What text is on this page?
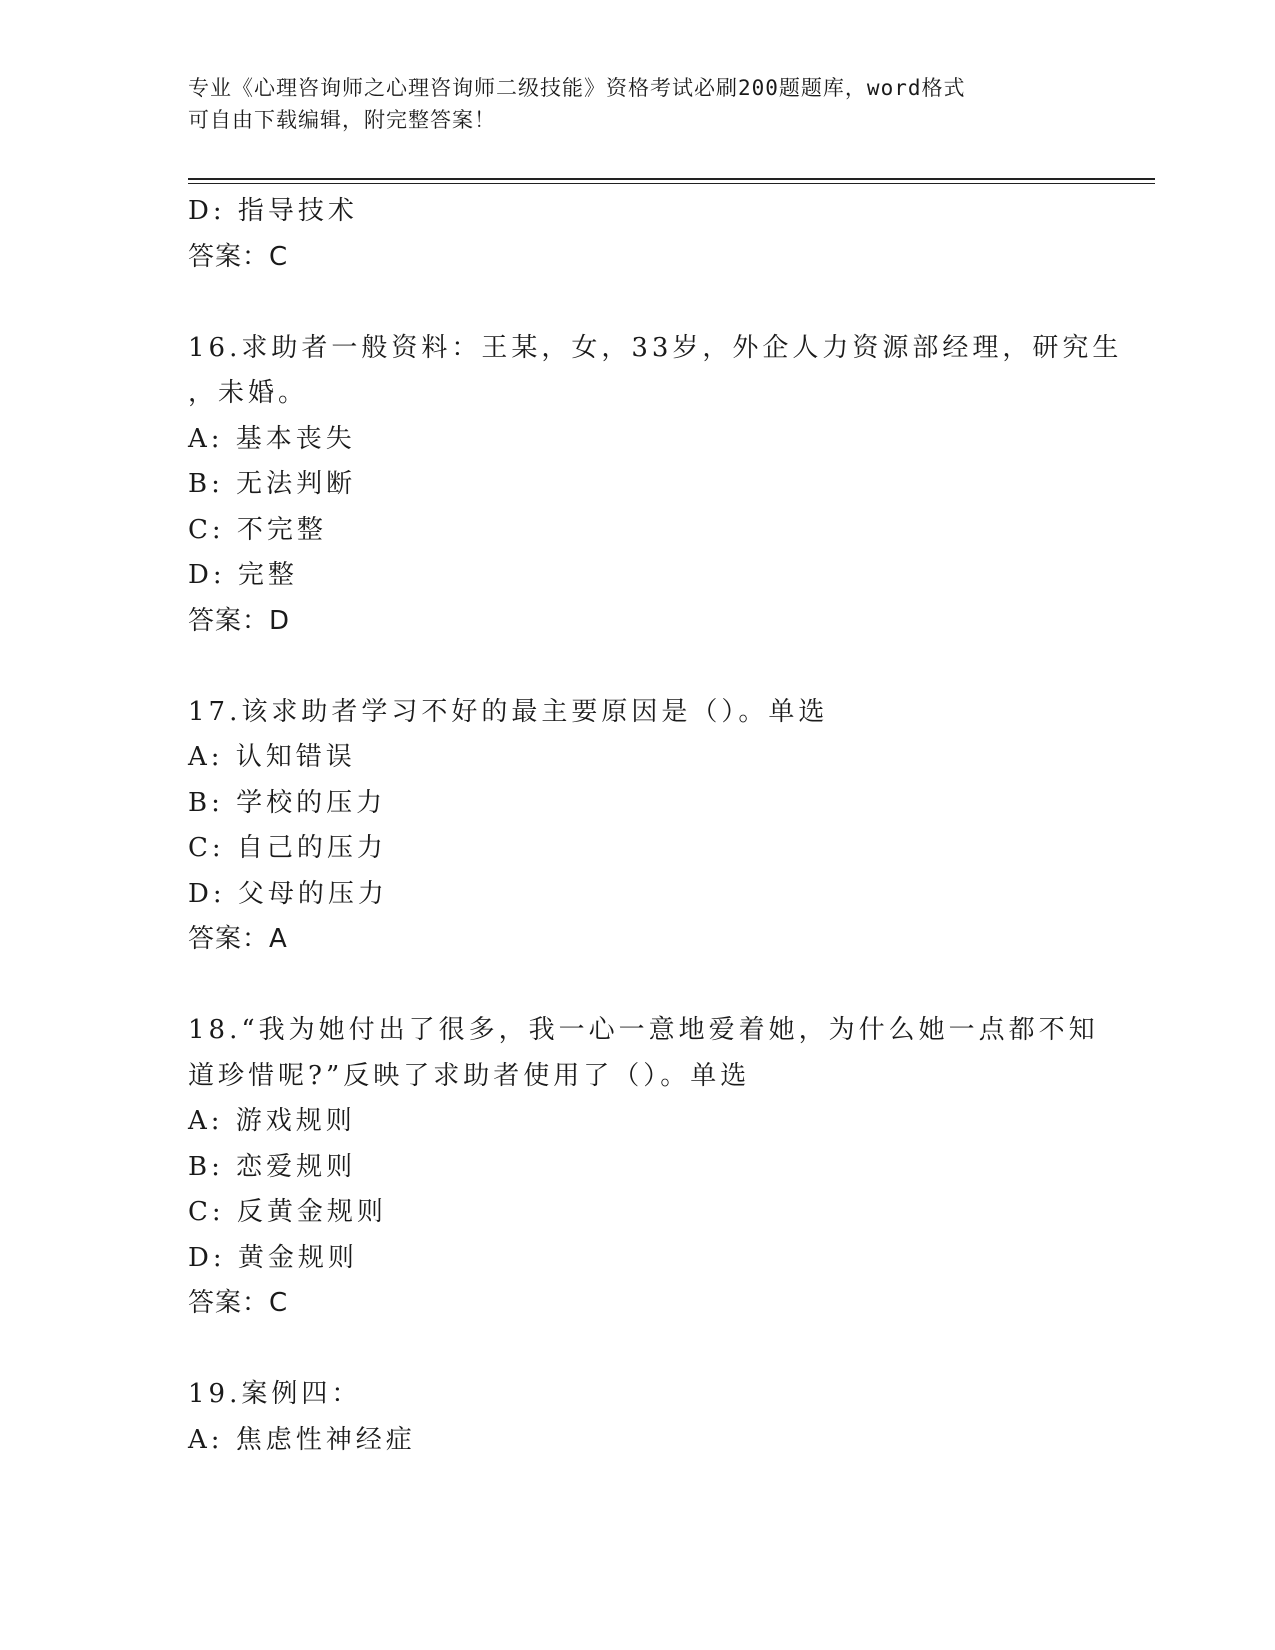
专业《心理咨询师之心理咨询师二级技能》资格考试必刷200题题库，word格式
可自由下载编辑，附完整答案！
D: 指导技术
答案：C
16.求助者一般资料：王某，女，33岁，外企人力资源部经理，研究生
，未婚。
A: 基本丧失
B: 无法判断
C: 不完整
D: 完整
答案：D
17.该求助者学习不好的最主要原因是（）。单选
A: 认知错误
B: 学校的压力
C: 自己的压力
D: 父母的压力
答案：A
18.“我为她付出了很多，我一心一意地爱着她，为什么她一点都不知
道珍惜呢?”反映了求助者使用了（）。单选
A: 游戏规则
B: 恋爱规则
C: 反黄金规则
D: 黄金规则
答案：C
19.案例四：
A: 焦虑性神经症
